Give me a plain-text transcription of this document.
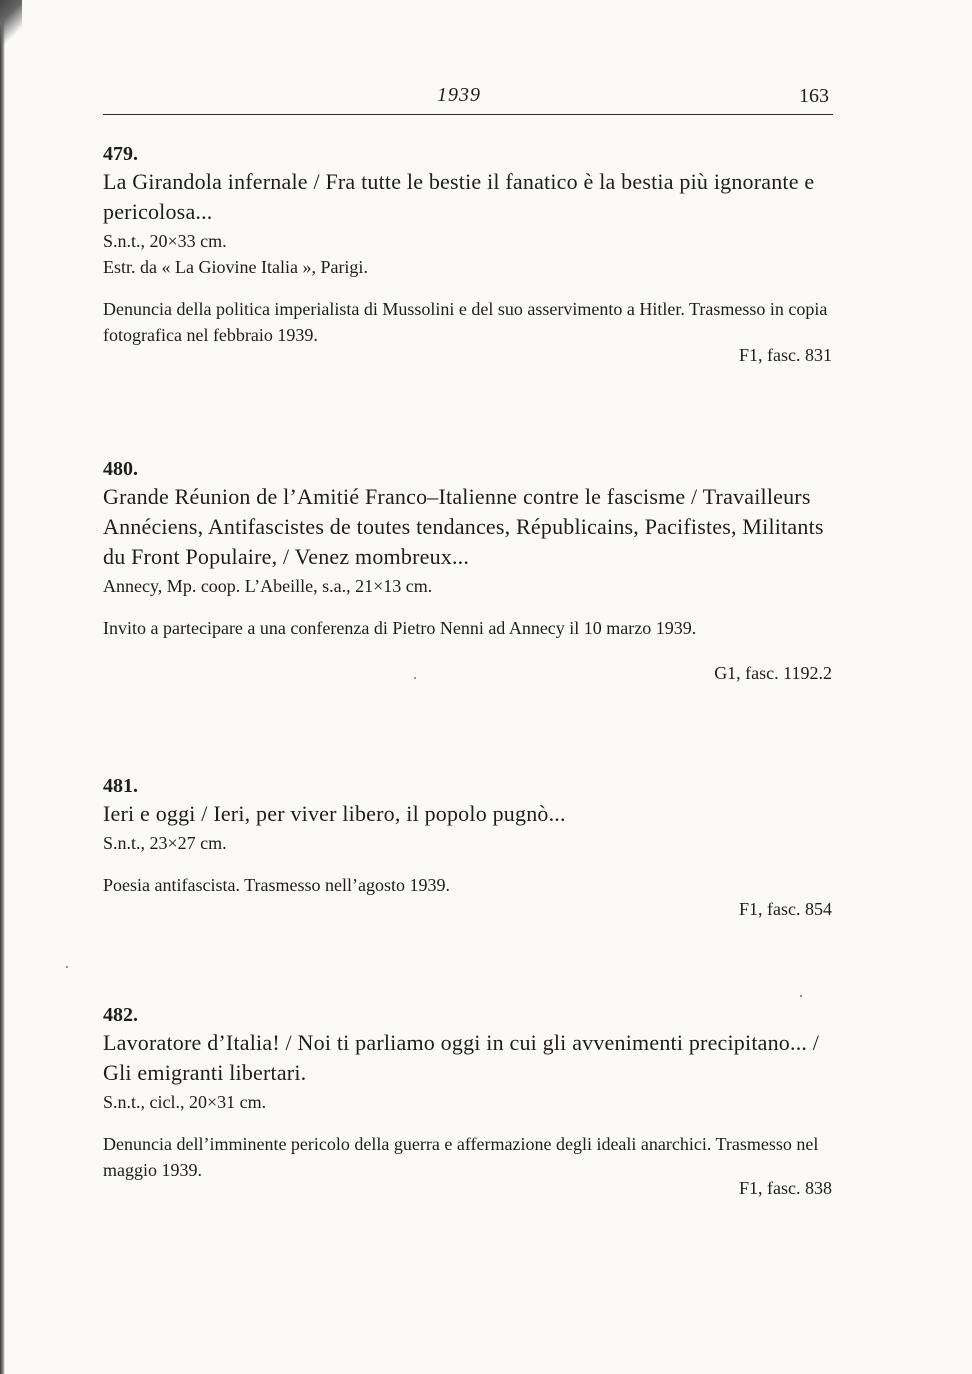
1939	163

479.

La Girandola infernale / Fra tutte le bestie il fanatico è la bestia più ignorante e pericolosa...

S.n.t., 20×33 cm.

Estr. da « La Giovine Italia », Parigi.

Denuncia della politica imperialista di Mussolini e del suo asservimento a Hitler. Trasmesso in copia fotografica nel febbraio 1939.

F1, fasc. 831

480.

Grande Réunion de l’Amitié Franco–Italienne contre le fascisme / Travailleurs Annéciens, Antifascistes de toutes tendances, Républicains, Pacifistes, Militants du Front Populaire, / Venez mombreux...

Annecy, Mp. coop. L’Abeille, s.a., 21×13 cm.

Invito a partecipare a una conferenza di Pietro Nenni ad Annecy il 10 marzo 1939.

G1, fasc. 1192.2

481.

Ieri e oggi / Ieri, per viver libero, il popolo pugnò...

S.n.t., 23×27 cm.

Poesia antifascista. Trasmesso nell’agosto 1939.

F1, fasc. 854

482.

Lavoratore d’Italia! / Noi ti parliamo oggi in cui gli avvenimenti precipitano... / Gli emigranti libertari.

S.n.t., cicl., 20×31 cm.

Denuncia dell’imminente pericolo della guerra e affermazione degli ideali anarchici. Trasmesso nel maggio 1939.

F1, fasc. 838
